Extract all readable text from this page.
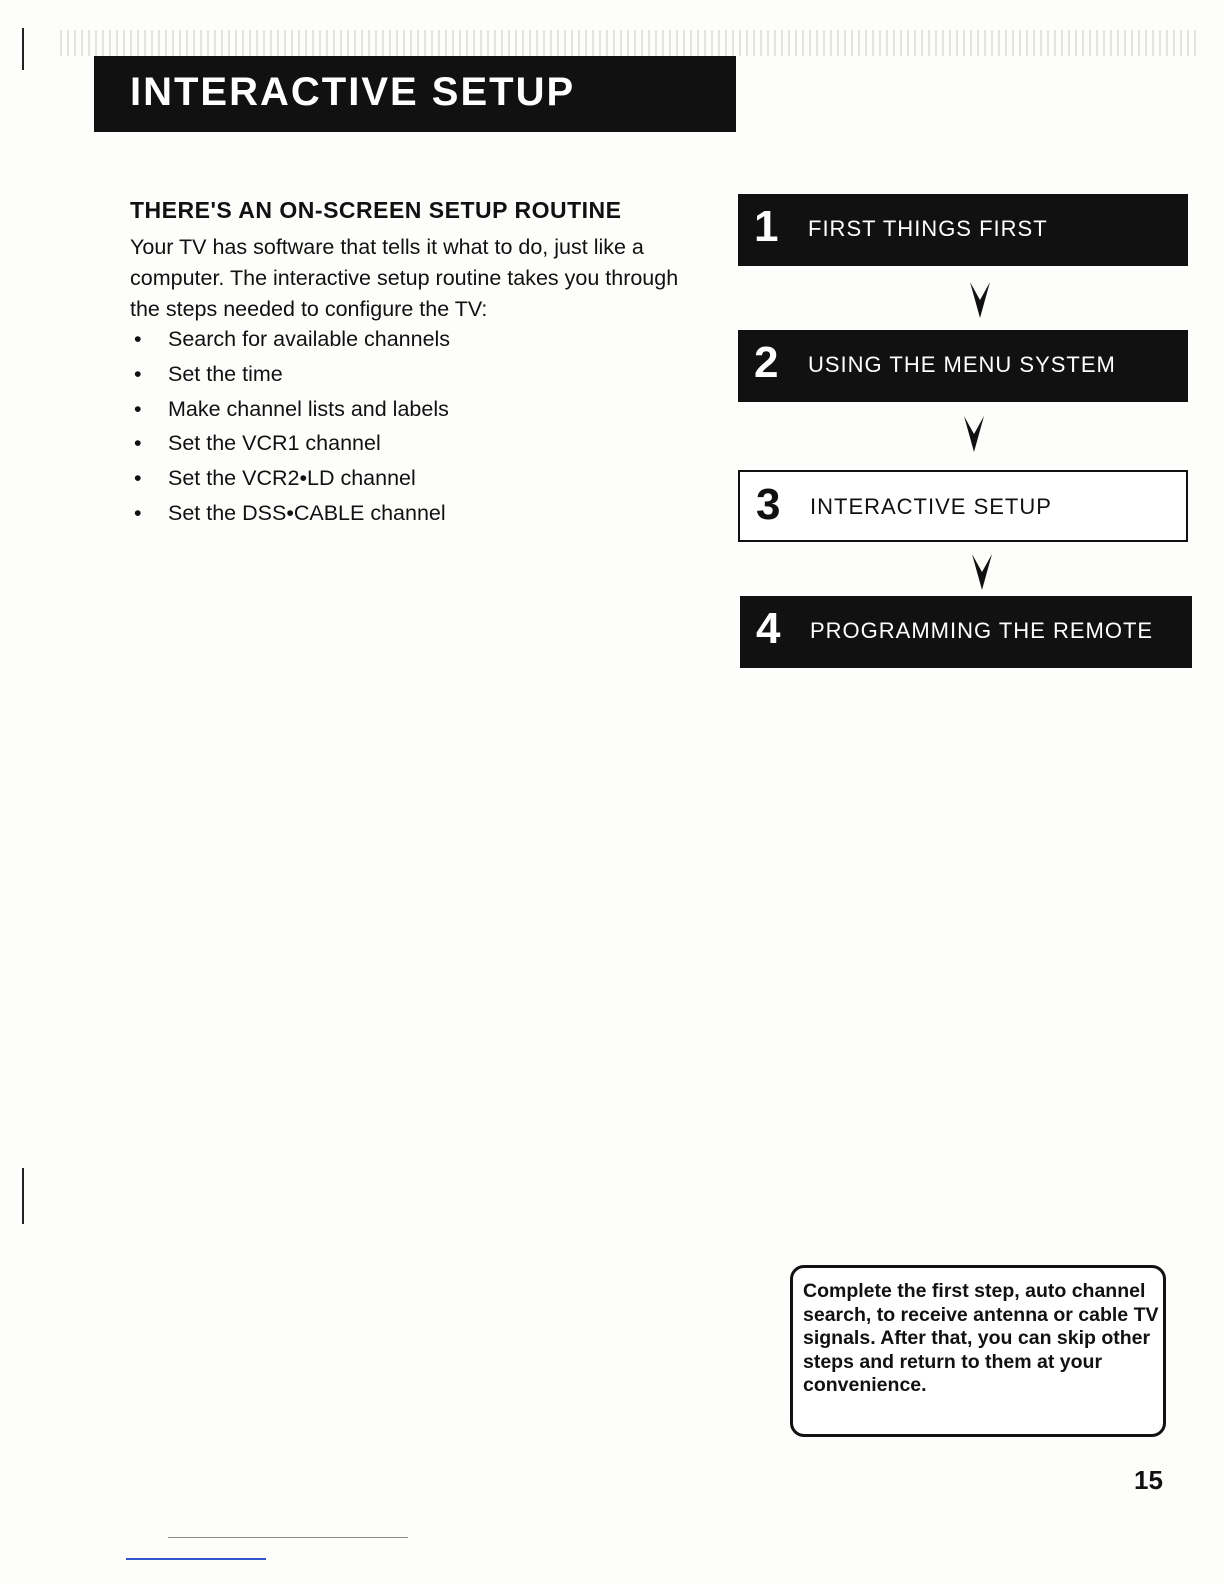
INTERACTIVE SETUP
THERE'S AN ON-SCREEN SETUP ROUTINE
Your TV has software that tells it what to do, just like a computer. The interactive setup routine takes you through the steps needed to configure the TV:
• Search for available channels
• Set the time
• Make channel lists and labels
• Set the VCR1 channel
• Set the VCR2•LD channel
• Set the DSS•CABLE channel
1 FIRST THINGS FIRST
2 USING THE MENU SYSTEM
3 INTERACTIVE SETUP
4 PROGRAMMING THE REMOTE
Complete the first step, auto channel search, to receive antenna or cable TV signals. After that, you can skip other steps and return to them at your convenience.
15
